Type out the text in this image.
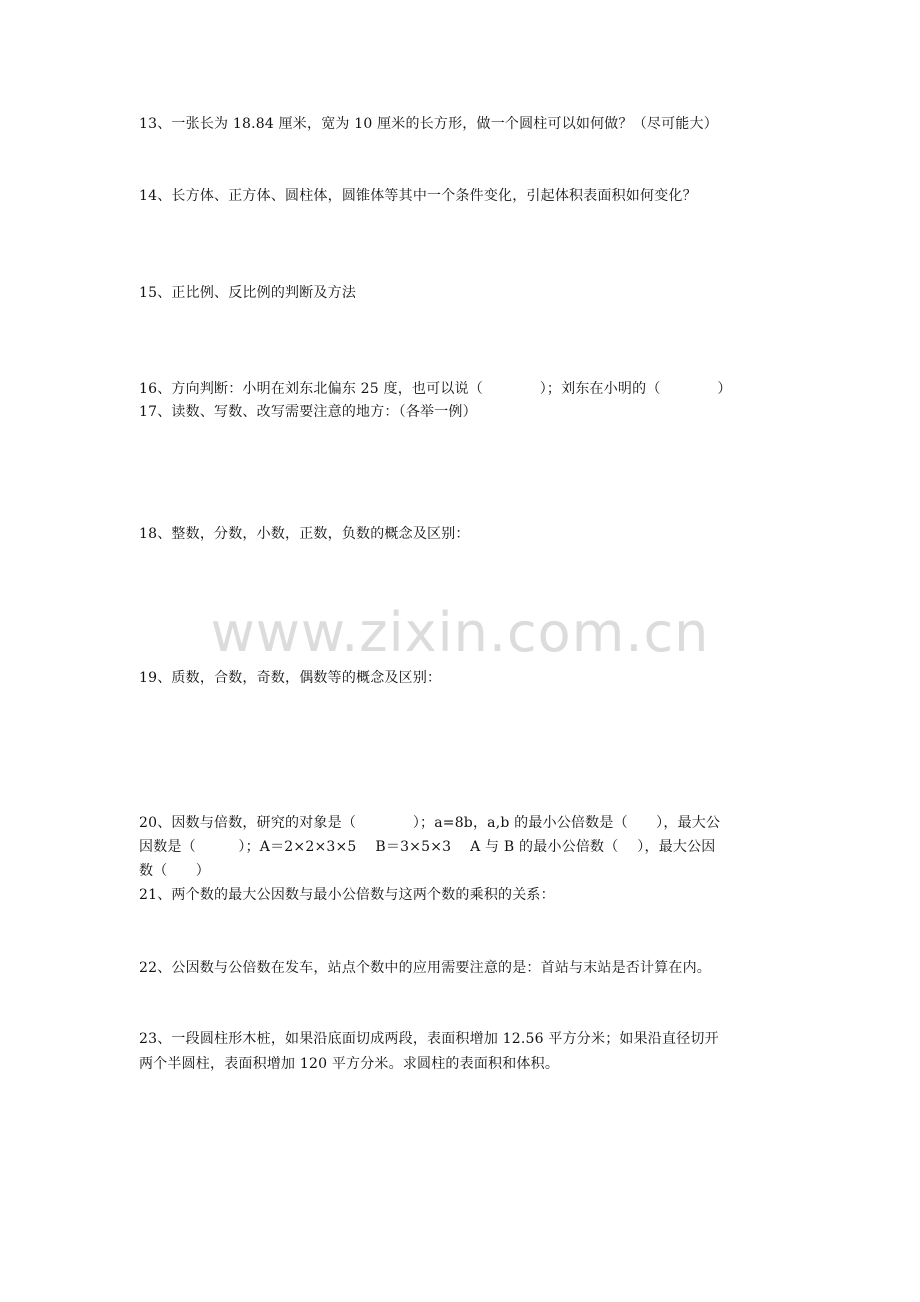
13、一张长为 18.84 厘米，宽为 10 厘米的长方形，做一个圆柱可以如何做？（尽可能大）
14、长方体、正方体、圆柱体，圆锥体等其中一个条件变化，引起体积表面积如何变化？
15、正比例、反比例的判断及方法
16、方向判断：小明在刘东北偏东 25 度，也可以说（　　　　）；刘东在小明的（　　　　）
17、读数、写数、改写需要注意的地方：（各举一例）
18、整数，分数，小数，正数，负数的概念及区别：
www.zixin.com.cn
19、质数，合数，奇数，偶数等的概念及区别：
20、因数与倍数，研究的对象是（　　　　）；a=8b，a,b 的最小公倍数是（　　），最大公
因数是（　　　）；A＝2×2×3×5　 B＝3×5×3　 A 与 B 的最小公倍数（　 ），最大公因
数（　　）
21、两个数的最大公因数与最小公倍数与这两个数的乘积的关系：
22、公因数与公倍数在发车，站点个数中的应用需要注意的是：首站与末站是否计算在内。
23、一段圆柱形木桩，如果沿底面切成两段，表面积增加 12.56 平方分米；如果沿直径切开
两个半圆柱，表面积增加 120 平方分米。求圆柱的表面积和体积。
